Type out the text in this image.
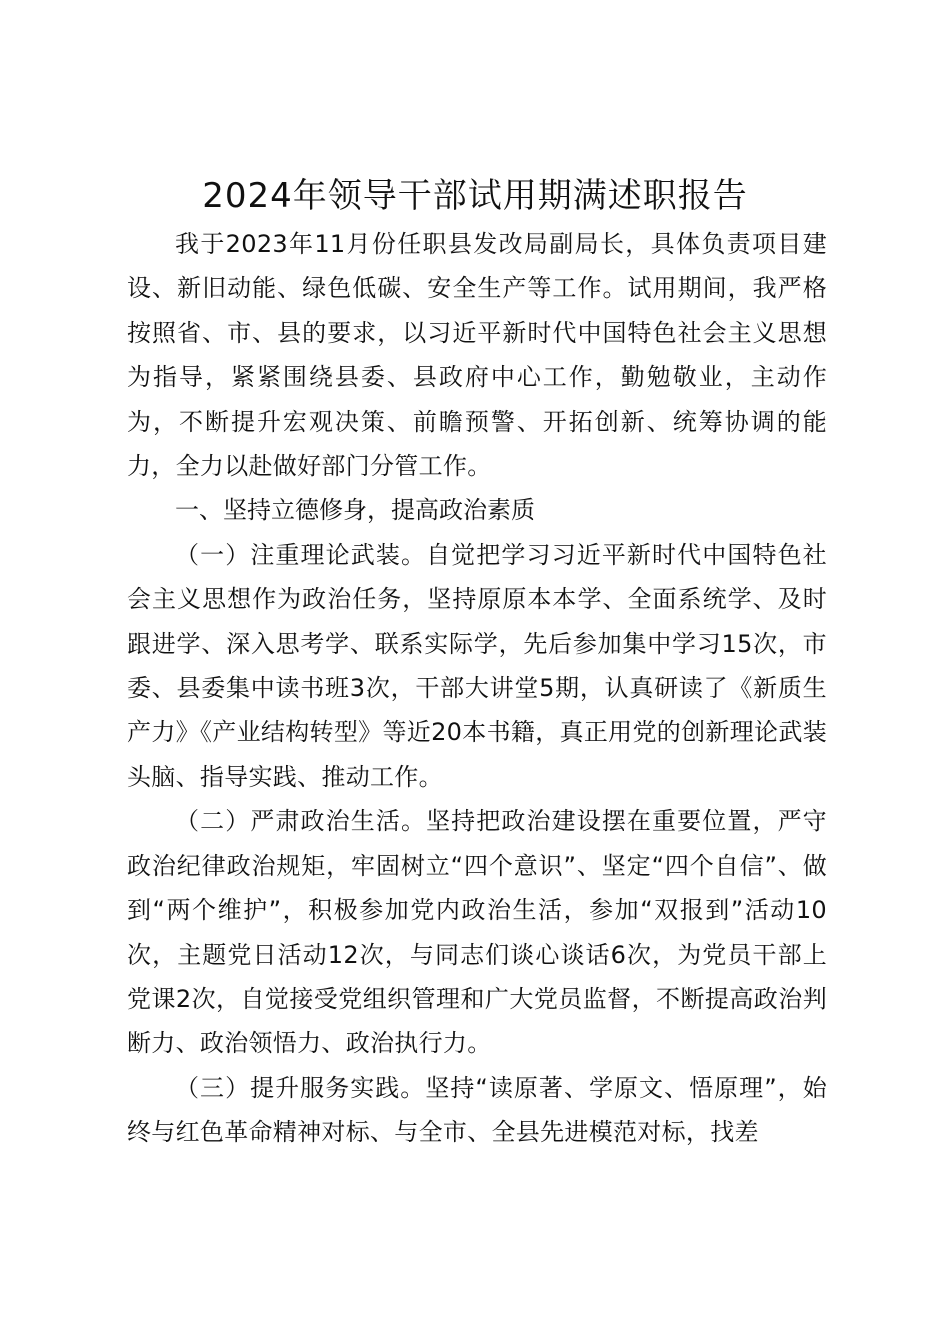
2024年领导干部试用期满述职报告

我于2023年11月份任职县发改局副局长，具体负责项目建设、新旧动能、绿色低碳、安全生产等工作。试用期间，我严格按照省、市、县的要求，以习近平新时代中国特色社会主义思想为指导，紧紧围绕县委、县政府中心工作，勤勉敬业，主动作为，不断提升宏观决策、前瞻预警、开拓创新、统筹协调的能力，全力以赴做好部门分管工作。

一、坚持立德修身，提高政治素质

（一）注重理论武装。自觉把学习习近平新时代中国特色社会主义思想作为政治任务，坚持原原本本学、全面系统学、及时跟进学、深入思考学、联系实际学，先后参加集中学习15次，市委、县委集中读书班3次，干部大讲堂5期，认真研读了《新质生产力》《产业结构转型》等近20本书籍，真正用党的创新理论武装头脑、指导实践、推动工作。

（二）严肃政治生活。坚持把政治建设摆在重要位置，严守政治纪律政治规矩，牢固树立“四个意识”、坚定“四个自信”、做到“两个维护”，积极参加党内政治生活，参加“双报到”活动10次，主题党日活动12次，与同志们谈心谈话6次，为党员干部上党课2次，自觉接受党组织管理和广大党员监督，不断提高政治判断力、政治领悟力、政治执行力。

（三）提升服务实践。坚持“读原著、学原文、悟原理”，始终与红色革命精神对标、与全市、全县先进模范对标，找差
